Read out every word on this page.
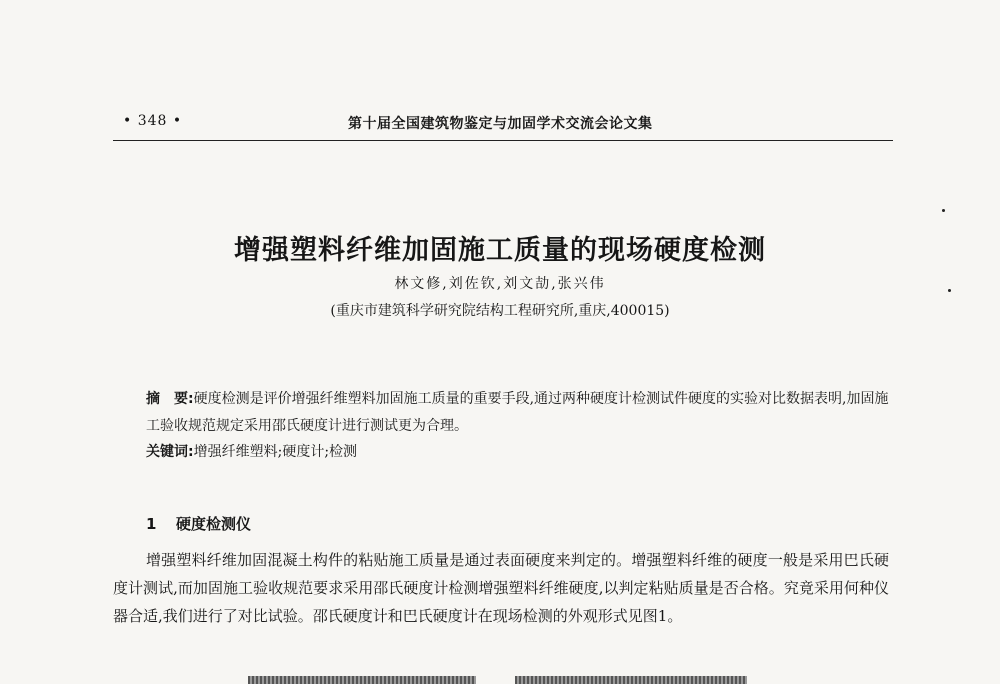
• 348 •	第十届全国建筑物鉴定与加固学术交流会论文集
增强塑料纤维加固施工质量的现场硬度检测
林文修,刘佐钦,刘文劼,张兴伟
(重庆市建筑科学研究院结构工程研究所,重庆,400015)
摘　要:硬度检测是评价增强纤维塑料加固施工质量的重要手段,通过两种硬度计检测试件硬度的实验对比数据表明,加固施工验收规范规定采用邵氏硬度计进行测试更为合理。
关键词:增强纤维塑料;硬度计;检测
1 硬度检测仪
增强塑料纤维加固混凝土构件的粘贴施工质量是通过表面硬度来判定的。增强塑料纤维的硬度一般是采用巴氏硬度计测试,而加固施工验收规范要求采用邵氏硬度计检测增强塑料纤维硬度,以判定粘贴质量是否合格。究竟采用何种仪器合适,我们进行了对比试验。邵氏硬度计和巴氏硬度计在现场检测的外观形式见图1。
